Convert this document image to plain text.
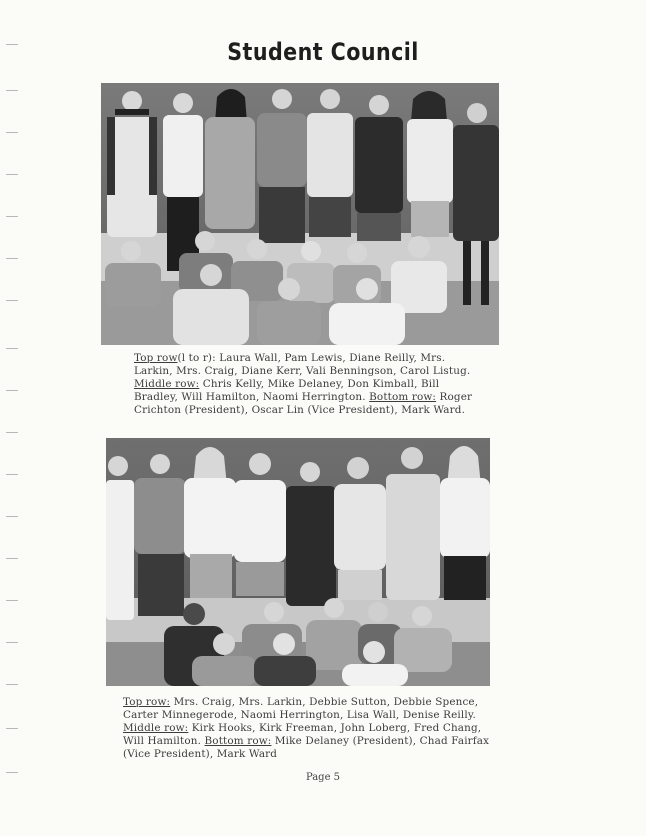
Student Council
Top row(l to r): Laura Wall, Pam Lewis, Diane Reilly, Mrs. Larkin, Mrs. Craig, Diane Kerr, Vali Benningson, Carol Listug. Middle row: Chris Kelly, Mike Delaney, Don Kimball, Bill Bradley, Will Hamilton, Naomi Herrington. Bottom row: Roger Crichton (President), Oscar Lin (Vice President), Mark Ward.
Top row: Mrs. Craig, Mrs. Larkin, Debbie Sutton, Debbie Spence, Carter Minnegerode, Naomi Herrington, Lisa Wall, Denise Reilly. Middle row: Kirk Hooks, Kirk Freeman, John Loberg, Fred Chang, Will Hamilton. Bottom row: Mike Delaney (President), Chad Fairfax (Vice President), Mark Ward
Page 5
